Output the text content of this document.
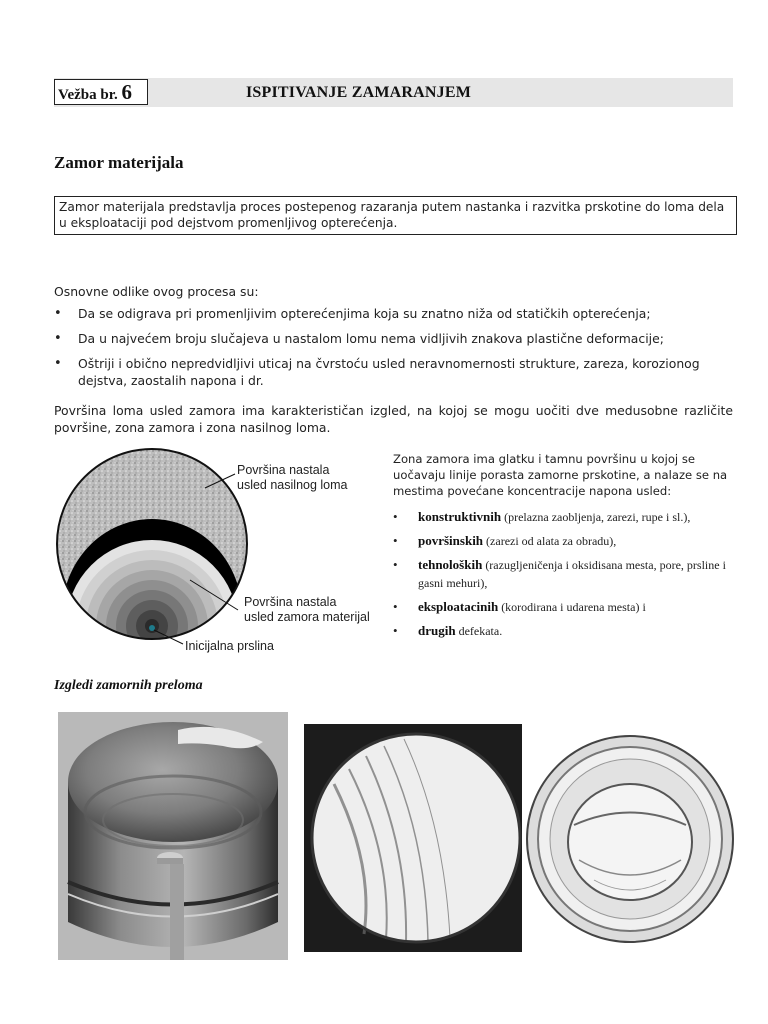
Vežba br. 6	ISPITIVANJE ZAMARANJEM
Zamor materijala
Zamor materijala predstavlja proces postepenog razaranja putem nastanka i razvitka prskotine do loma dela u eksploataciji pod dejstvom promenljivog opterećenja.
Osnovne odlike ovog procesa su:
• Da se odigrava pri promenljivim opterećenjima koja su znatno niža od statičkih opterećenja;
• Da u najvećem broju slučajeva u nastalom lomu nema vidljivih znakova plastične deformacije;
• Oštriji i obično nepredvidljivi uticaj na čvrstoću usled neravnomernosti strukture, zareza, korozionog dejstva, zaostalih napona i dr.
Površina loma usled zamora ima karakterističan izgled, na kojoj se mogu uočiti dve medusobne različite površine, zona zamora i zona nasilnog loma.
Površina nastala
usled nasilnog loma
Površina nastala
usled zamora materijal
Inicijalna prslina
Zona zamora ima glatku i tamnu površinu u kojoj se uočavaju linije porasta zamorne prskotine, a nalaze se na mestima povećane koncentracije napona usled:
• konstruktivnih (prelazna zaobljenja, zarezi, rupe i sl.),
• površinskih (zarezi od alata za obradu),
• tehnoloških (razugljeničenja i oksidisana mesta, pore, prsline i gasni mehuri),
• eksploatacinih (korodirana i udarena mesta) i
• drugih defekata.
Izgledi zamornih preloma
